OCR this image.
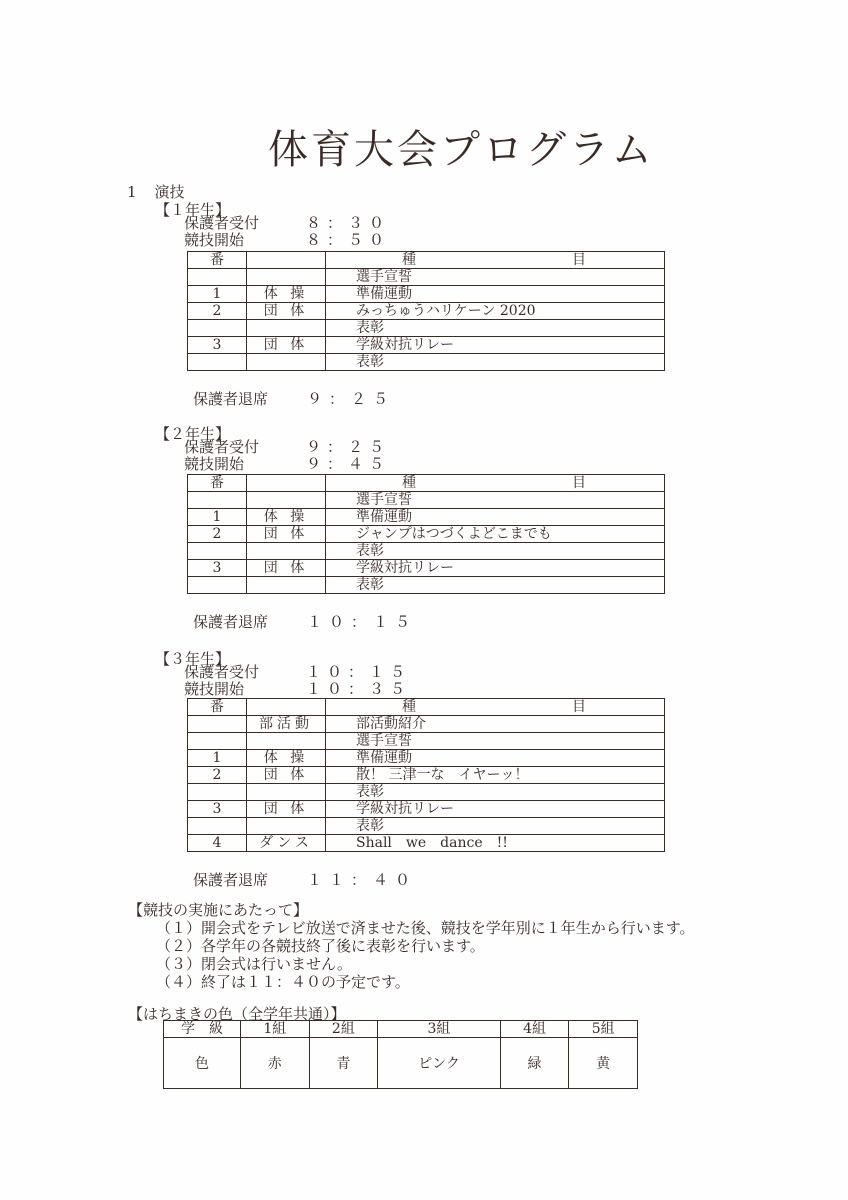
体育大会プログラム
1 演技
【１年生】
保護者受付	８：３０
競技開始	８：５０
番		種 目

		選手宣誓
1	体 操	準備運動
2	団 体	みっちゅうハリケーン 2020
		表彰
3	団 体	学級対抗リレー
		表彰
保護者退席	９：２５
【２年生】
保護者受付	９：２５
競技開始	９：４５
番		種 目

		選手宣誓
1	体 操	準備運動
2	団 体	ジャンプはつづくよどこまでも
		表彰
3	団 体	学級対抗リレー
		表彰
保護者退席	１０：１５
【３年生】
保護者受付	１０：１５
競技開始	１０：３５
番		種 目

	部活動	部活動紹介
		選手宣誓
1	体 操	準備運動
2	団 体	散！ 三津一な　イヤーッ！
		表彰
3	団 体	学級対抗リレー
		表彰
4	ダンス	Shall　we　dance　!!
保護者退席	１１：４０
【競技の実施にあたって】
（１）開会式をテレビ放送で済ませた後、競技を学年別に１年生から行います。
（２）各学年の各競技終了後に表彰を行います。
（３）閉会式は行いません。
（４）終了は１１：４０の予定です。
【はちまきの色（全学年共通）】
学　級	1組	2組	3組	4組	5組
色	赤	青	ピンク	緑	黄
